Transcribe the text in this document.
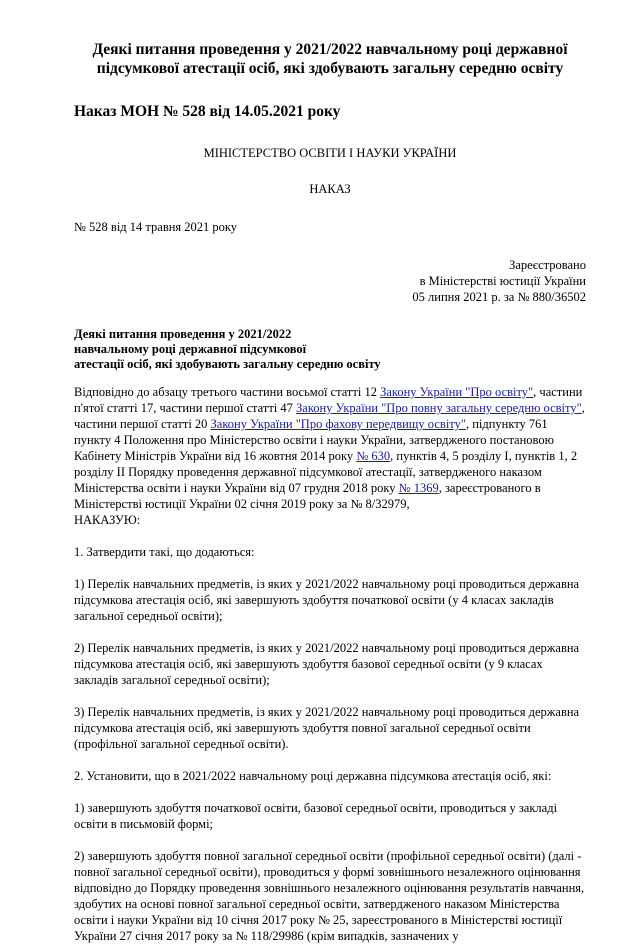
Деякі питання проведення у 2021/2022 навчальному році державної
підсумкової атестації осіб, які здобувають загальну середню освіту
Наказ МОН № 528 від 14.05.2021 року

МІНІСТЕРСТВО ОСВІТИ І НАУКИ УКРАЇНИ

НАКАЗ

№ 528 від 14 травня 2021 року

Зареєстровано
в Міністерстві юстиції України
05 липня 2021 р. за № 880/36502
Деякі питання проведення у 2021/2022
навчальному році державної підсумкової
атестації осіб, які здобувають загальну середню освіту

Відповідно до абзацу третього частини восьмої статті 12 Закону України "Про освіту", частини п'ятої статті 17, частини першої статті 47 Закону України "Про повну загальну середню освіту", частини першої статті 20 Закону України "Про фахову передвищу освіту", підпункту 761 пункту 4 Положення про Міністерство освіти і науки України, затвердженого постановою Кабінету Міністрів України від 16 жовтня 2014 року № 630, пунктів 4, 5 розділу I, пунктів 1, 2 розділу II Порядку проведення державної підсумкової атестації, затвердженого наказом Міністерства освіти і науки України від 07 грудня 2018 року № 1369, зареєстрованого в Міністерстві юстиції України 02 січня 2019 року за № 8/32979,
НАКАЗУЮ:

1. Затвердити такі, що додаються:

1) Перелік навчальних предметів, із яких у 2021/2022 навчальному році проводиться державна підсумкова атестація осіб, які завершують здобуття початкової освіти (у 4 класах закладів загальної середньої освіти);

2) Перелік навчальних предметів, із яких у 2021/2022 навчальному році проводиться державна підсумкова атестація осіб, які завершують здобуття базової середньої освіти (у 9 класах закладів загальної середньої освіти);

3) Перелік навчальних предметів, із яких у 2021/2022 навчальному році проводиться державна підсумкова атестація осіб, які завершують здобуття повної загальної середньої освіти (профільної загальної середньої освіти).

2. Установити, що в 2021/2022 навчальному році державна підсумкова атестація осіб, які:

1) завершують здобуття початкової освіти, базової середньої освіти, проводиться у закладі освіти в письмовій формі;

2) завершують здобуття повної загальної середньої освіти (профільної середньої освіти) (далі - повної загальної середньої освіти), проводиться у формі зовнішнього незалежного оцінювання відповідно до Порядку проведення зовнішнього незалежного оцінювання результатів навчання, здобутих на основі повної загальної середньої освіти, затвердженого наказом Міністерства освіти і науки України від 10 січня 2017 року № 25, зареєстрованого в Міністерстві юстиції України 27 січня 2017 року за № 118/29986 (крім випадків, зазначених у
